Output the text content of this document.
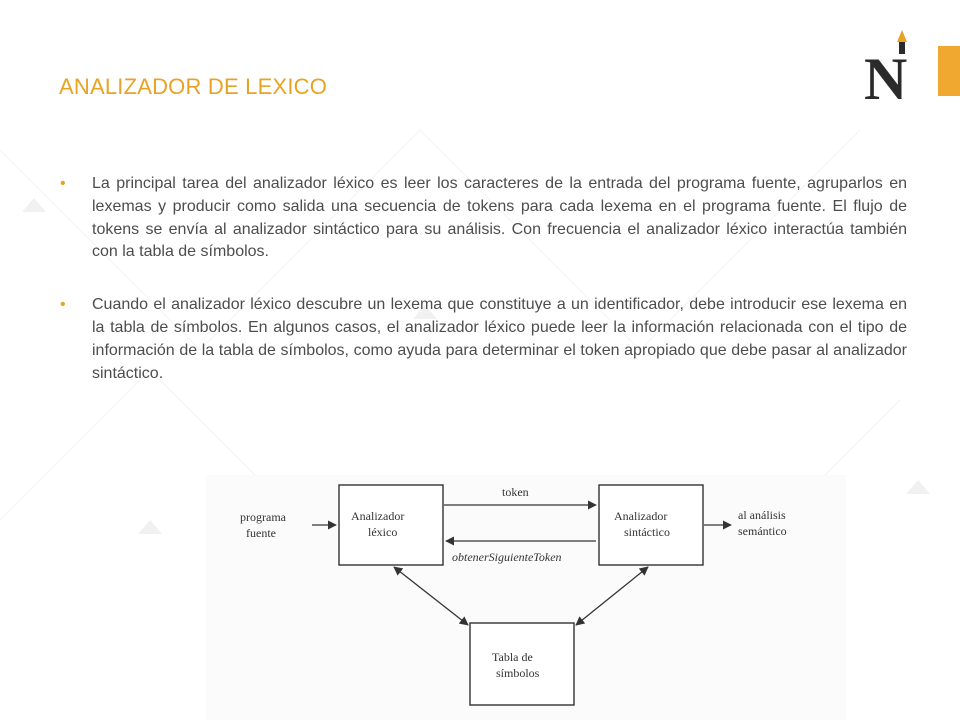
ANALIZADOR DE LEXICO	N
• La principal tarea del analizador léxico es leer los caracteres de la entrada del programa fuente, agruparlos en lexemas y producir como salida una secuencia de tokens para cada lexema en el programa fuente. El flujo de tokens se envía al analizador sintáctico para su análisis. Con frecuencia el analizador léxico interactúa también con la tabla de símbolos.
• Cuando el analizador léxico descubre un lexema que constituye a un identificador, debe introducir ese lexema en la tabla de símbolos. En algunos casos, el analizador léxico puede leer la información relacionada con el tipo de información de la tabla de símbolos, como ayuda para determinar el token apropiado que debe pasar al analizador sintáctico.
programa
fuente
Analizador
léxico
token
obtenerSiguienteToken
Analizador
sintáctico
al análisis
semántico
Tabla de
símbolos
